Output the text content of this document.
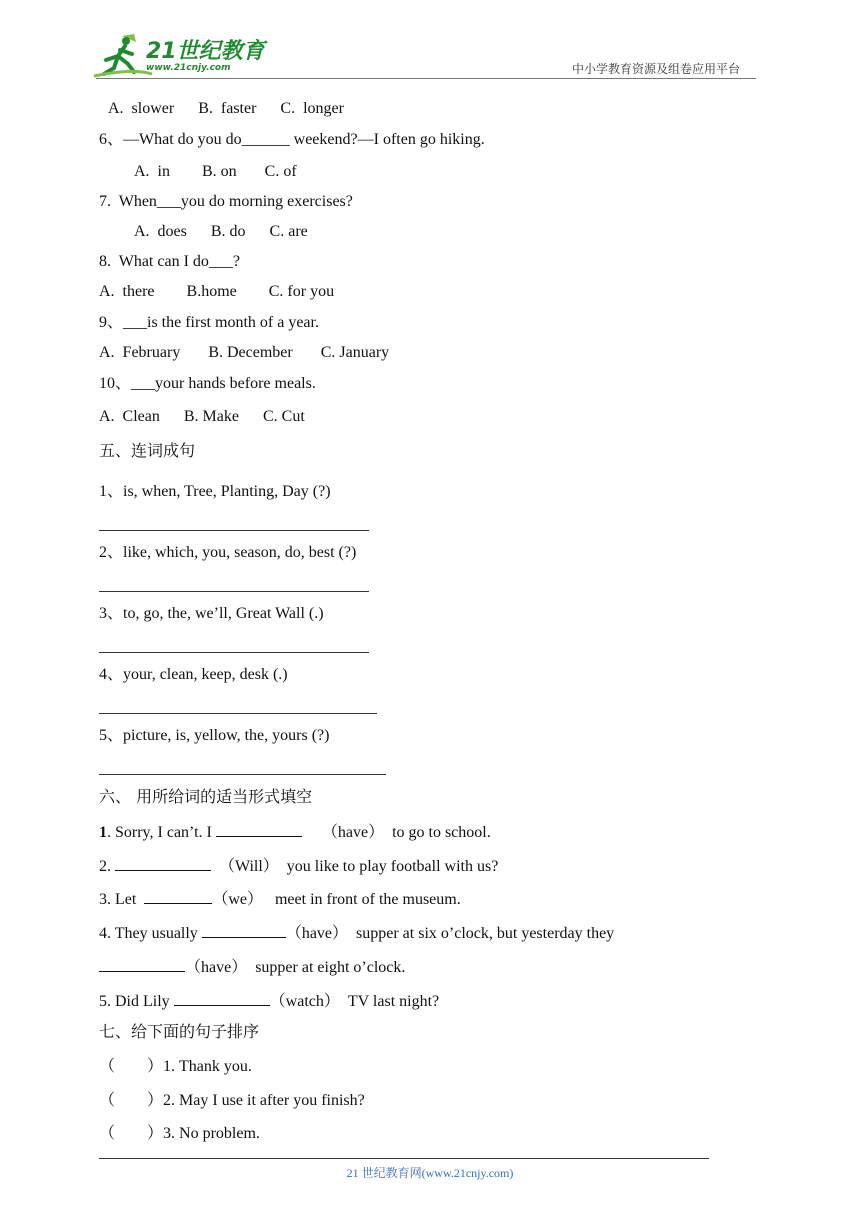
21世纪教育
www.21cnjy.com	中小学教育资源及组卷应用平台
A.  slower      B.  faster      C.  longer
6、—What do you do______ weekend?—I often go hiking.
A.  in        B. on       C. of
7.  When___you do morning exercises?
A.  does      B. do      C. are
8.  What can I do___?
A.  there        B.home        C. for you
9、___is the first month of a year.
A.  February       B. December       C. January
10、___your hands before meals.
A.  Clean      B. Make      C. Cut
五、连词成句
1、is, when, Tree, Planting, Day (?)
2、like, which, you, season, do, best (?)
3、to, go, the, we’ll, Great Wall (.)
4、your, clean, keep, desk (.)
5、picture, is, yellow, the, yours (?)
六、 用所给词的适当形式填空
1. Sorry, I can’t. I	（have）  to go to school.
2.	（Will）  you like to play football with us?
3. Let	（we）   meet in front of the museum.
4. They usually	（have）  supper at six o’clock, but yesterday they
（have）  supper at eight o’clock.
5. Did Lily	（watch）  TV last night?
七、给下面的句子排序
（        ）1. Thank you.
（        ）2. May I use it after you finish?
（        ）3. No problem.
21 世纪教育网(www.21cnjy.com)
